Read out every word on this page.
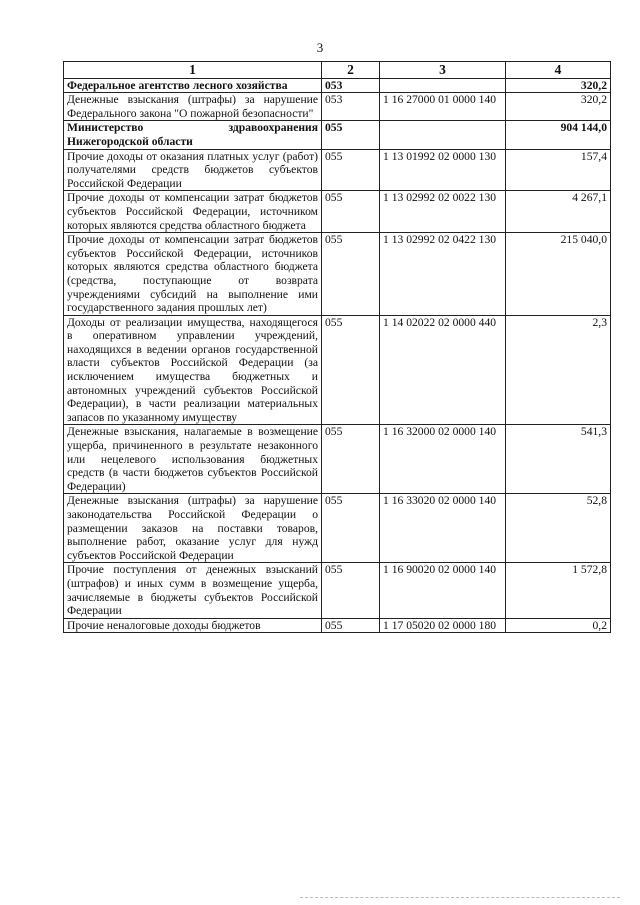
3
1	2	3	4
Федеральное агентство лесного хозяйства	053		320,2
Денежные взыскания (штрафы) за нарушение Федерального закона "О пожарной безопасности"	053	1 16 27000 01 0000 140	320,2
Министерство здравоохранения Нижегородской области	055		904 144,0
Прочие доходы от оказания платных услуг (работ) получателями средств бюджетов субъектов Российской Федерации	055	1 13 01992 02 0000 130	157,4
Прочие доходы от компенсации затрат бюджетов субъектов Российской Федерации, источником которых являются средства областного бюджета	055	1 13 02992 02 0022 130	4 267,1
Прочие доходы от компенсации затрат бюджетов субъектов Российской Федерации, источников которых являются средства областного бюджета (средства, поступающие от возврата учреждениями субсидий на выполнение ими государственного задания прошлых лет)	055	1 13 02992 02 0422 130	215 040,0
Доходы от реализации имущества, находящегося в оперативном управлении учреждений, находящихся в ведении органов государственной власти субъектов Российской Федерации (за исключением имущества бюджетных и автономных учреждений субъектов Российской Федерации), в части реализации материальных запасов по указанному имуществу	055	1 14 02022 02 0000 440	2,3
Денежные взыскания, налагаемые в возмещение ущерба, причиненного в результате незаконного или нецелевого использования бюджетных средств (в части бюджетов субъектов Российской Федерации)	055	1 16 32000 02 0000 140	541,3
Денежные взыскания (штрафы) за нарушение законодательства Российской Федерации о размещении заказов на поставки товаров, выполнение работ, оказание услуг для нужд субъектов Российской Федерации	055	1 16 33020 02 0000 140	52,8
Прочие поступления от денежных взысканий (штрафов) и иных сумм в возмещение ущерба, зачисляемые в бюджеты субъектов Российской Федерации	055	1 16 90020 02 0000 140	1 572,8
Прочие неналоговые доходы бюджетов	055	1 17 05020 02 0000 180	0,2
